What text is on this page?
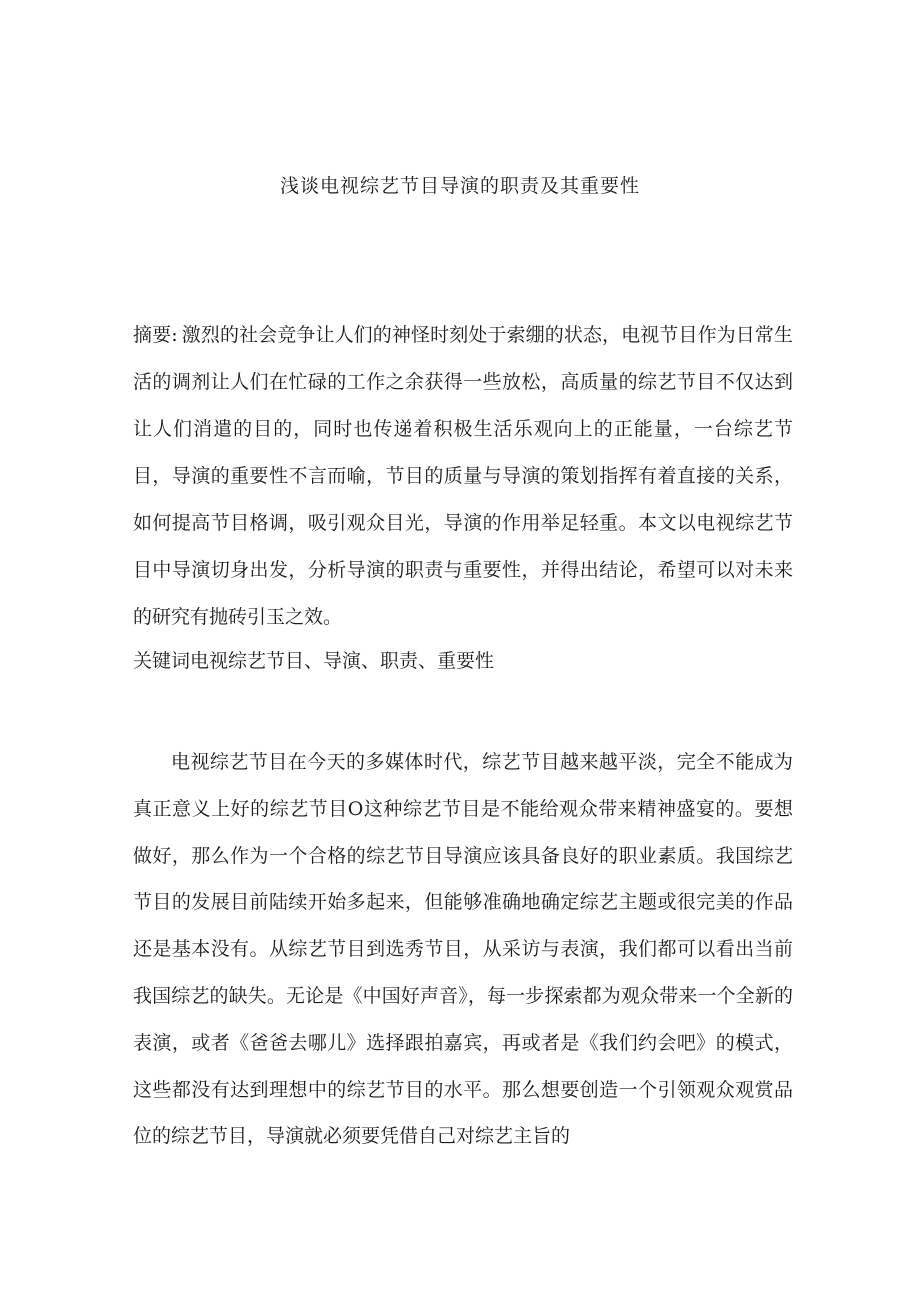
浅谈电视综艺节目导演的职责及其重要性
摘要: 激烈的社会竞争让人们的神怪时刻处于索绷的状态，电视节目作为日常生活的调剂让人们在忙碌的工作之余获得一些放松，高质量的综艺节目不仅达到让人们消遣的目的，同时也传递着积极生活乐观向上的正能量，一台综艺节目，导演的重要性不言而喻，节目的质量与导演的策划指挥有着直接的关系，如何提高节目格调，吸引观众目光，导演的作用举足轻重。本文以电视综艺节目中导演切身出发，分析导演的职责与重要性，并得出结论，希望可以对未来的研究有抛砖引玉之效。
关键词电视综艺节目、导演、职责、重要性
电视综艺节目在今天的多媒体时代，综艺节目越来越平淡，完全不能成为真正意义上好的综艺节目O这种综艺节目是不能给观众带来精神盛宴的。要想做好，那么作为一个合格的综艺节目导演应该具备良好的职业素质。我国综艺节目的发展目前陆续开始多起来，但能够准确地确定综艺主题或很完美的作品还是基本没有。从综艺节目到选秀节目，从采访与表演，我们都可以看出当前我国综艺的缺失。无论是《中国好声音》，每一步探索都为观众带来一个全新的表演，或者《爸爸去哪儿》选择跟拍嘉宾，再或者是《我们约会吧》的模式，这些都没有达到理想中的综艺节目的水平。那么想要创造一个引领观众观赏品位的综艺节目，导演就必须要凭借自己对综艺主旨的
